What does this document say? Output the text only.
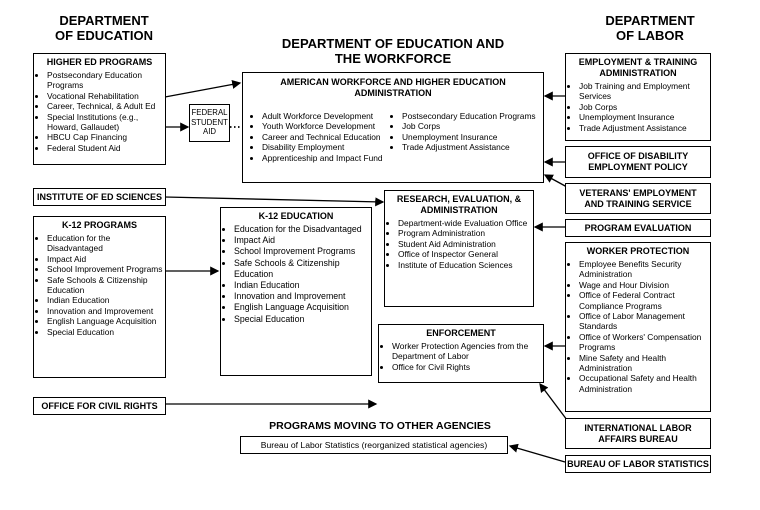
DEPARTMENT OF EDUCATION
DEPARTMENT OF EDUCATION AND THE WORKFORCE
DEPARTMENT OF LABOR
PROGRAMS MOVING TO OTHER AGENCIES
HIGHER ED PROGRAMS
• Postsecondary Education Programs
• Vocational Rehabilitation
• Career, Technical, & Adult Ed
• Special Institutions (e.g., Howard, Gallaudet)
• HBCU Cap Financing
• Federal Student Aid
FEDERAL STUDENT AID
AMERICAN WORKFORCE AND HIGHER EDUCATION ADMINISTRATION
• Adult Workforce Development
• Youth Workforce Development
• Career and Technical Education
• Disability Employment
• Apprenticeship and Impact Fund
• Postsecondary Education Programs
• Job Corps
• Unemployment Insurance
• Trade Adjustment Assistance
EMPLOYMENT & TRAINING ADMINISTRATION
• Job Training and Employment Services
• Job Corps
• Unemployment Insurance
• Trade Adjustment Assistance
OFFICE OF DISABILITY EMPLOYMENT POLICY
VETERANS' EMPLOYMENT AND TRAINING SERVICE
INSTITUTE OF ED SCIENCES	RESEARCH, EVALUATION, & ADMINISTRATION
• Department-wide Evaluation Office
• Program Administration
• Student Aid Administration
• Office of Inspector General
• Institute of Education Sciences
PROGRAM EVALUATION
K-12 PROGRAMS
• Education for the Disadvantaged
• Impact Aid
• School Improvement Programs
• Safe Schools & Citizenship Education
• Indian Education
• Innovation and Improvement
• English Language Acquisition
• Special Education
K-12 EDUCATION
• Education for the Disadvantaged
• Impact Aid
• School Improvement Programs
• Safe Schools & Citizenship Education
• Indian Education
• Innovation and Improvement
• English Language Acquisition
• Special Education
WORKER PROTECTION
• Employee Benefits Security Administration
• Wage and Hour Division
• Office of Federal Contract Compliance Programs
• Office of Labor Management Standards
• Office of Workers' Compensation Programs
• Mine Safety and Health Administration
• Occupational Safety and Health Administration
ENFORCEMENT
• Worker Protection Agencies from the Department of Labor
• Office for Civil Rights
OFFICE FOR CIVIL RIGHTS
INTERNATIONAL LABOR AFFAIRS BUREAU
Bureau of Labor Statistics (reorganized statistical agencies)
BUREAU OF LABOR STATISTICS
